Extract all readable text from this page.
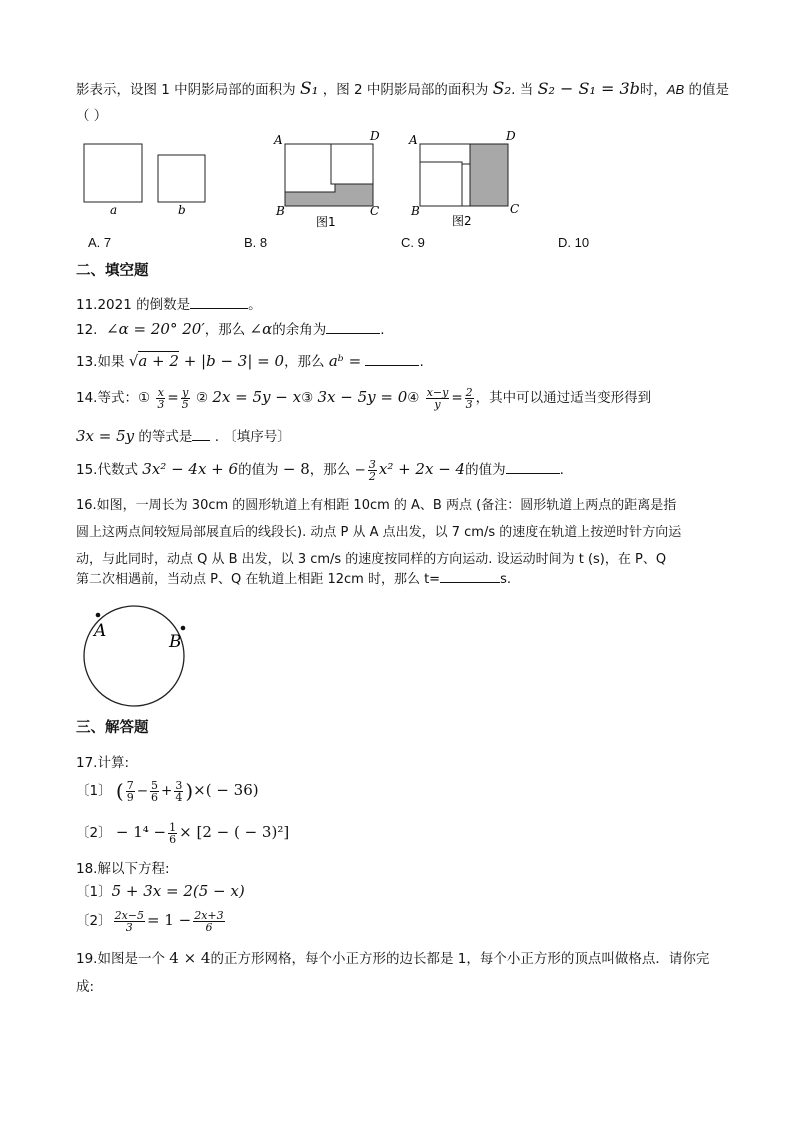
影表示，设图 1 中阴影局部的面积为 S₁ ，图 2 中阴影局部的面积为 S₂. 当 S₂ − S₁ = 3b时，AB 的值是
（ ）
a	b
A	D
B	C
图1
A	D
B	C
图2
A. 7	B. 8	C. 9	D. 10
二、填空题
11.2021 的倒数是	。
12. ∠α = 20° 20′，那么 ∠α的余角为	.
13.如果 √a + 2 + |b − 3| = 0，那么 aᵇ =	.
14.等式：① $\frac{x}{3} = \frac{y}{5}$ ② 2x = 5y − x③ 3x − 5y = 0④ $\frac{x-y}{y} = \frac{2}{3}$ ，其中可以通过适当变形得到
3x = 5y 的等式是 . 〔填序号〕
15.代数式 3x² − 4x + 6的值为 − 8，那么 − $\frac{3}{2} x^2 + 2x - 4$的值为	.
16.如图，一周长为 30cm 的圆形轨道上有相距 10cm 的 A、B 两点 (备注：圆形轨道上两点的距离是指
圆上这两点间较短局部展直后的线段长). 动点 P 从 A 点出发，以 7 cm/s 的速度在轨道上按逆时针方向运
动，与此同时，动点 Q 从 B 出发，以 3 cm/s 的速度按同样的方向运动. 设运动时间为 t (s)，在 P、Q
第二次相遇前，当动点 P、Q 在轨道上相距 12cm 时，那么 t=	s.
A
B
三、解答题
17.计算:
〔1〕 ( $\frac{7}{9} - \frac{5}{6} + \frac{3}{4}$ )×( − 36)
〔2〕 − $1^4 - \frac{1}{6} \times [2$ − ( − 3)²]
18.解以下方程:
〔1〕5 + 3x = 2(5 − x)
〔2〕 $\frac{2x-5}{3} = 1 - \frac{2x+3}{6}$
19.如图是一个 4 × 4的正方形网格，每个小正方形的边长都是 1，每个小正方形的顶点叫做格点．请你完
成:
